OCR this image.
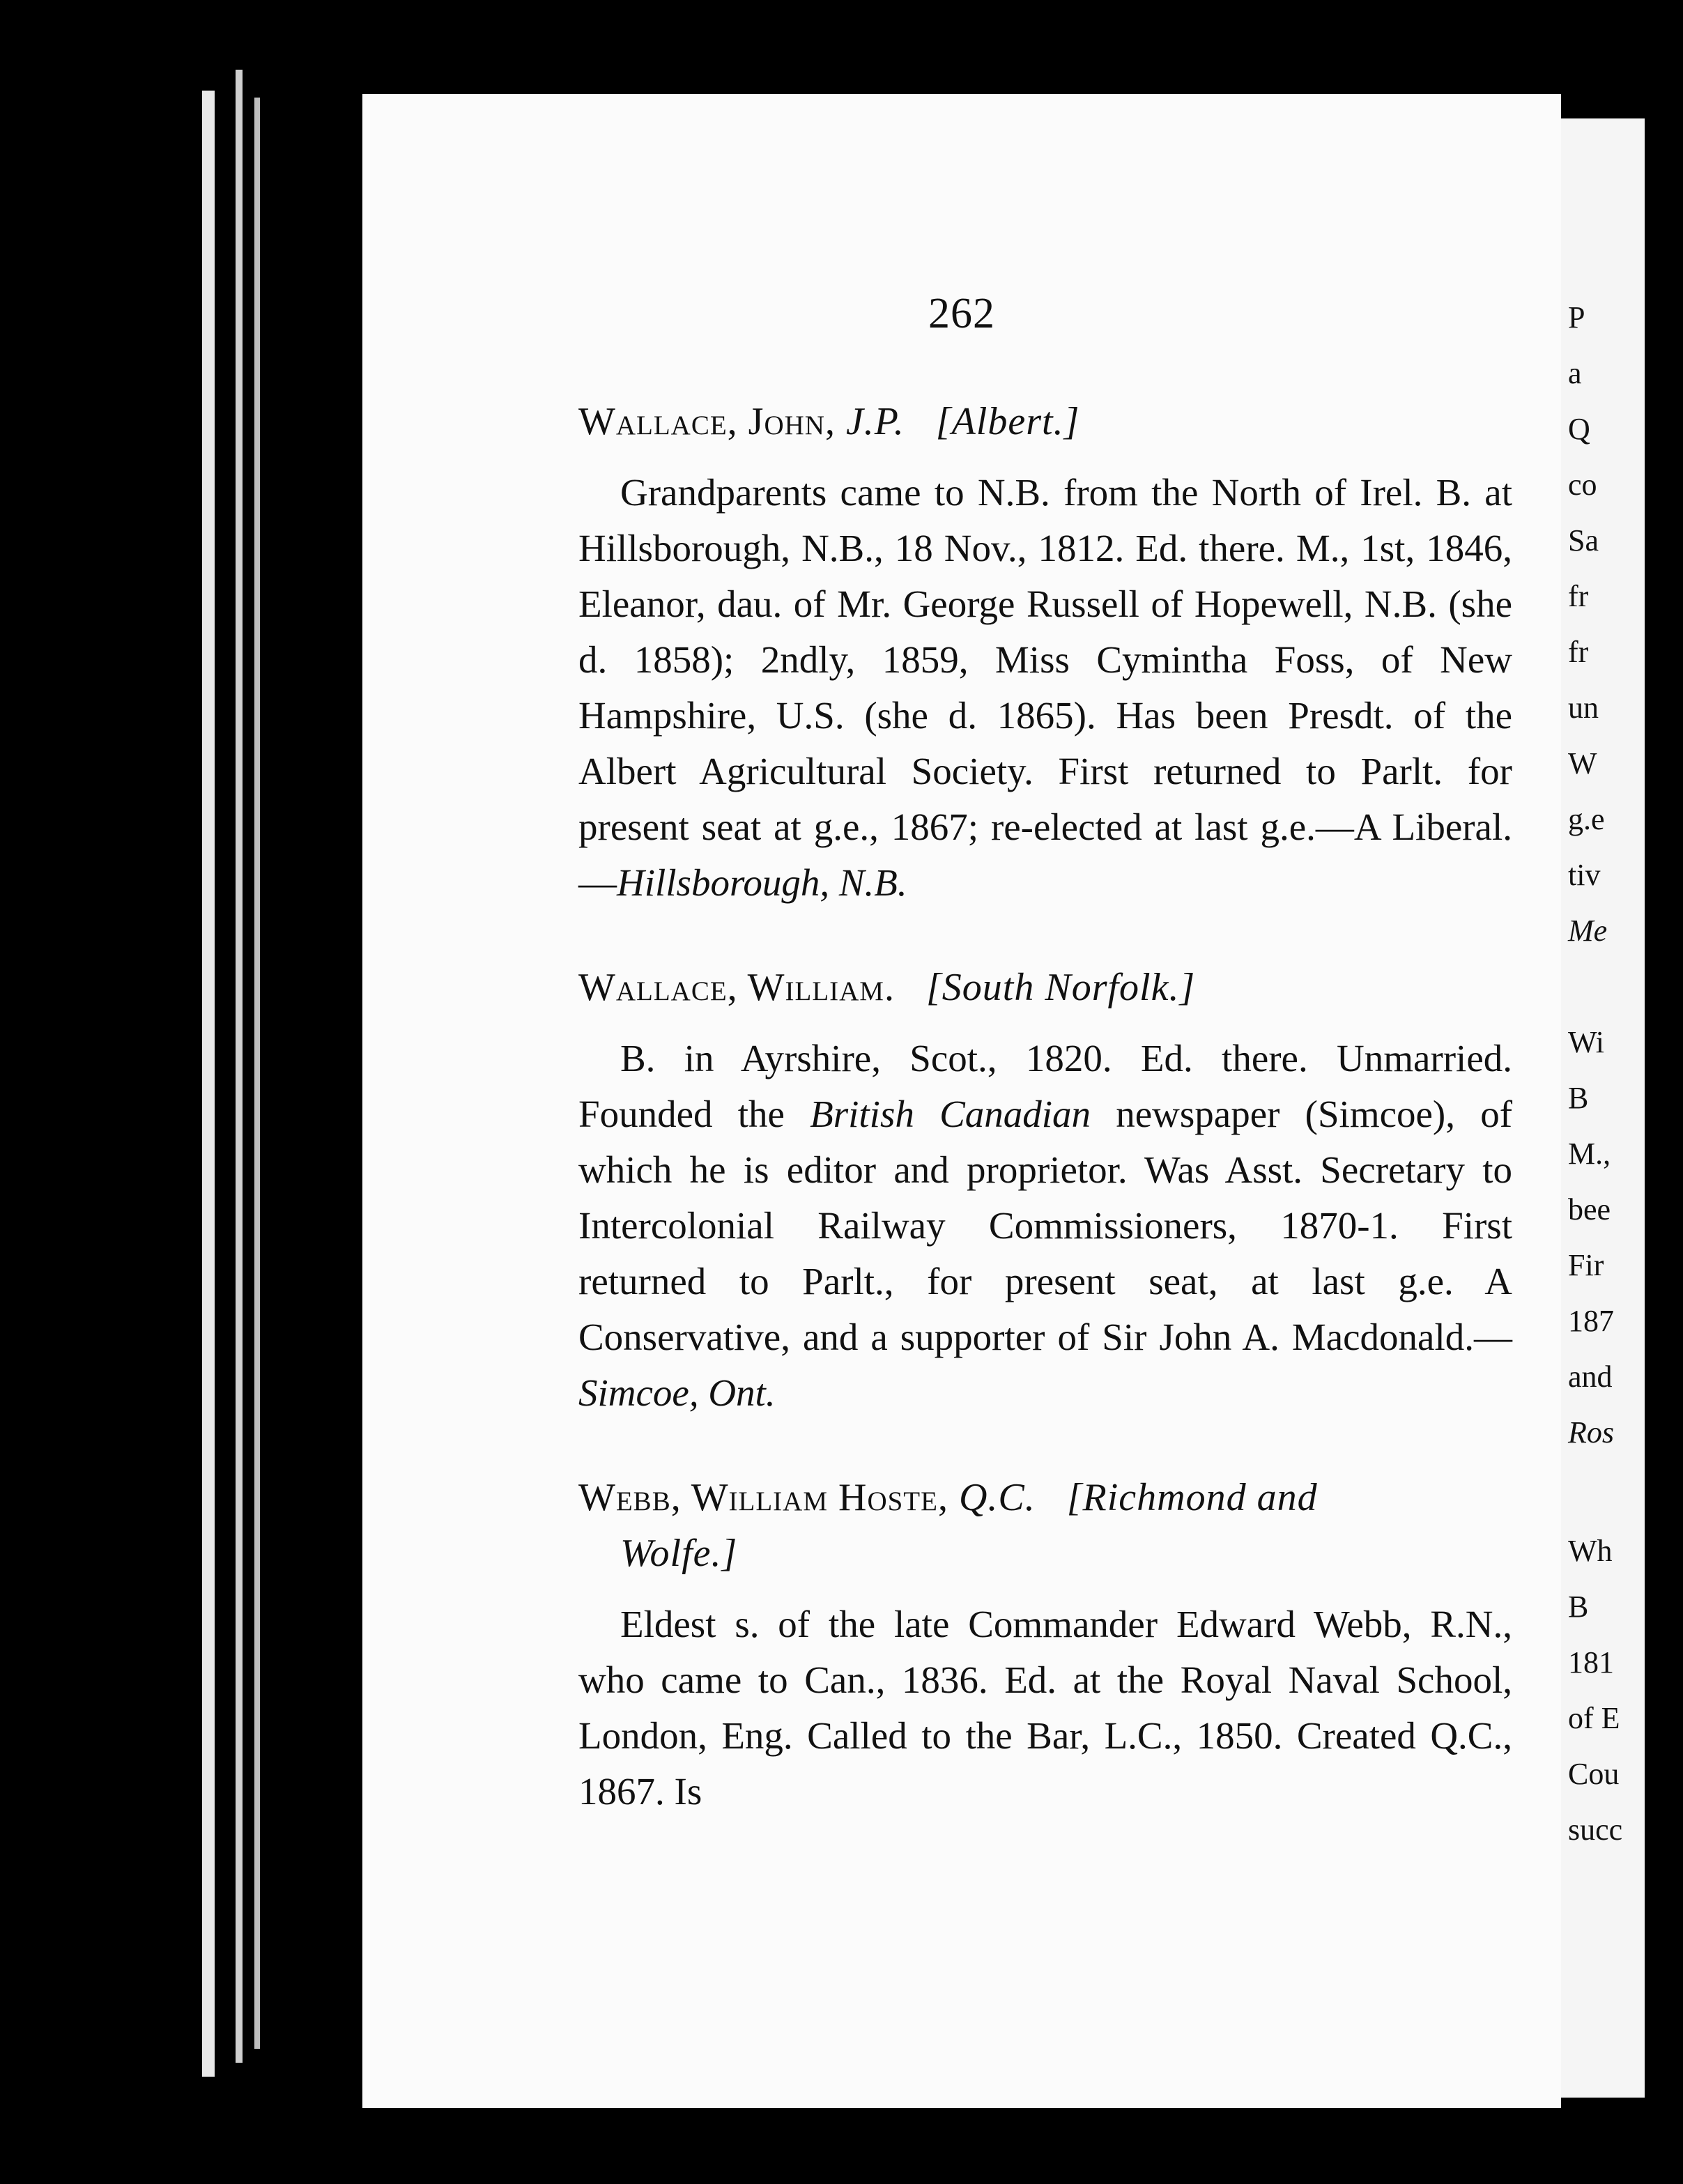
262
Wallace, John, J.P. [Albert.]

Grandparents came to N.B. from the North of Irel. B. at Hillsborough, N.B., 18 Nov., 1812. Ed. there. M., 1st, 1846, Eleanor, dau. of Mr. George Russell of Hopewell, N.B. (she d. 1858); 2ndly, 1859, Miss Cymintha Foss, of New Hampshire, U.S. (she d. 1865). Has been Presdt. of the Albert Agricultural Society. First returned to Parlt. for present seat at g.e., 1867; re-elected at last g.e.—A Liberal.—Hillsborough, N.B.

Wallace, William. [South Norfolk.]

B. in Ayrshire, Scot., 1820. Ed. there. Unmarried. Founded the British Canadian newspaper (Simcoe), of which he is editor and proprietor. Was Asst. Secretary to Intercolonial Railway Commissioners, 1870-1. First returned to Parlt., for present seat, at last g.e. A Conservative, and a supporter of Sir John A. Macdonald.—Simcoe, Ont.

Webb, William Hoste, Q.C. [Richmond and
Wolfe.]

Eldest s. of the late Commander Edward Webb, R.N., who came to Can., 1836. Ed. at the Royal Naval School, London, Eng. Called to the Bar, L.C., 1850. Created Q.C., 1867. Is

P
a
Q
co
Sa
fr
fr
un
W
g.e
tiv
Me
Wi
B
M.,
bee
Fir
187
and
Ros
Wh
B
181
of E
Cou
succ
